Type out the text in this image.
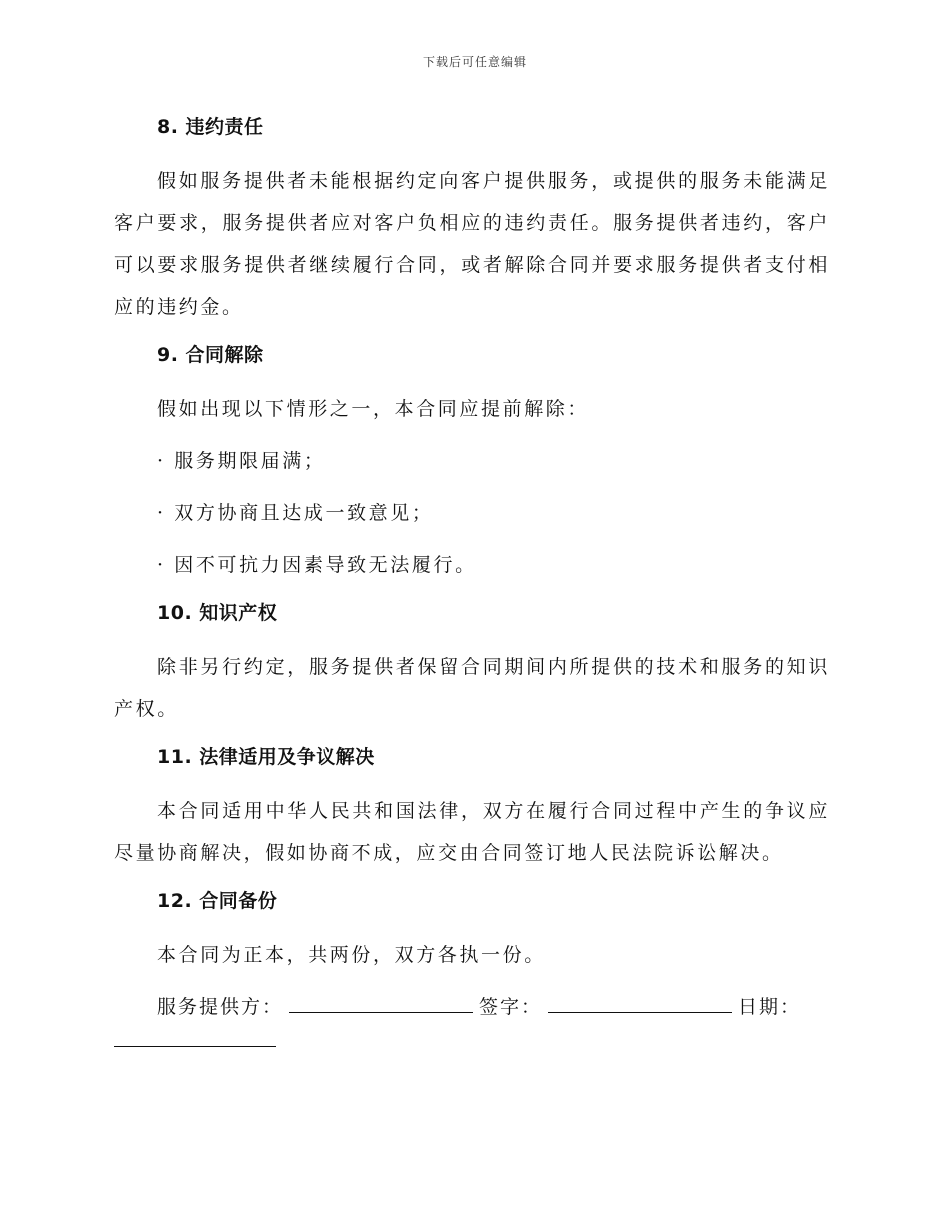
下载后可任意编辑
8. 违约责任

假如服务提供者未能根据约定向客户提供服务，或提供的服务未能满足客户要求，服务提供者应对客户负相应的违约责任。服务提供者违约，客户可以要求服务提供者继续履行合同，或者解除合同并要求服务提供者支付相应的违约金。

9. 合同解除

假如出现以下情形之一，本合同应提前解除：

· 服务期限届满；

· 双方协商且达成一致意见；

· 因不可抗力因素导致无法履行。

10. 知识产权

除非另行约定，服务提供者保留合同期间内所提供的技术和服务的知识产权。

11. 法律适用及争议解决

本合同适用中华人民共和国法律，双方在履行合同过程中产生的争议应尽量协商解决，假如协商不成，应交由合同签订地人民法院诉讼解决。

12. 合同备份

本合同为正本，共两份，双方各执一份。

服务提供方：	签字：	日期：
